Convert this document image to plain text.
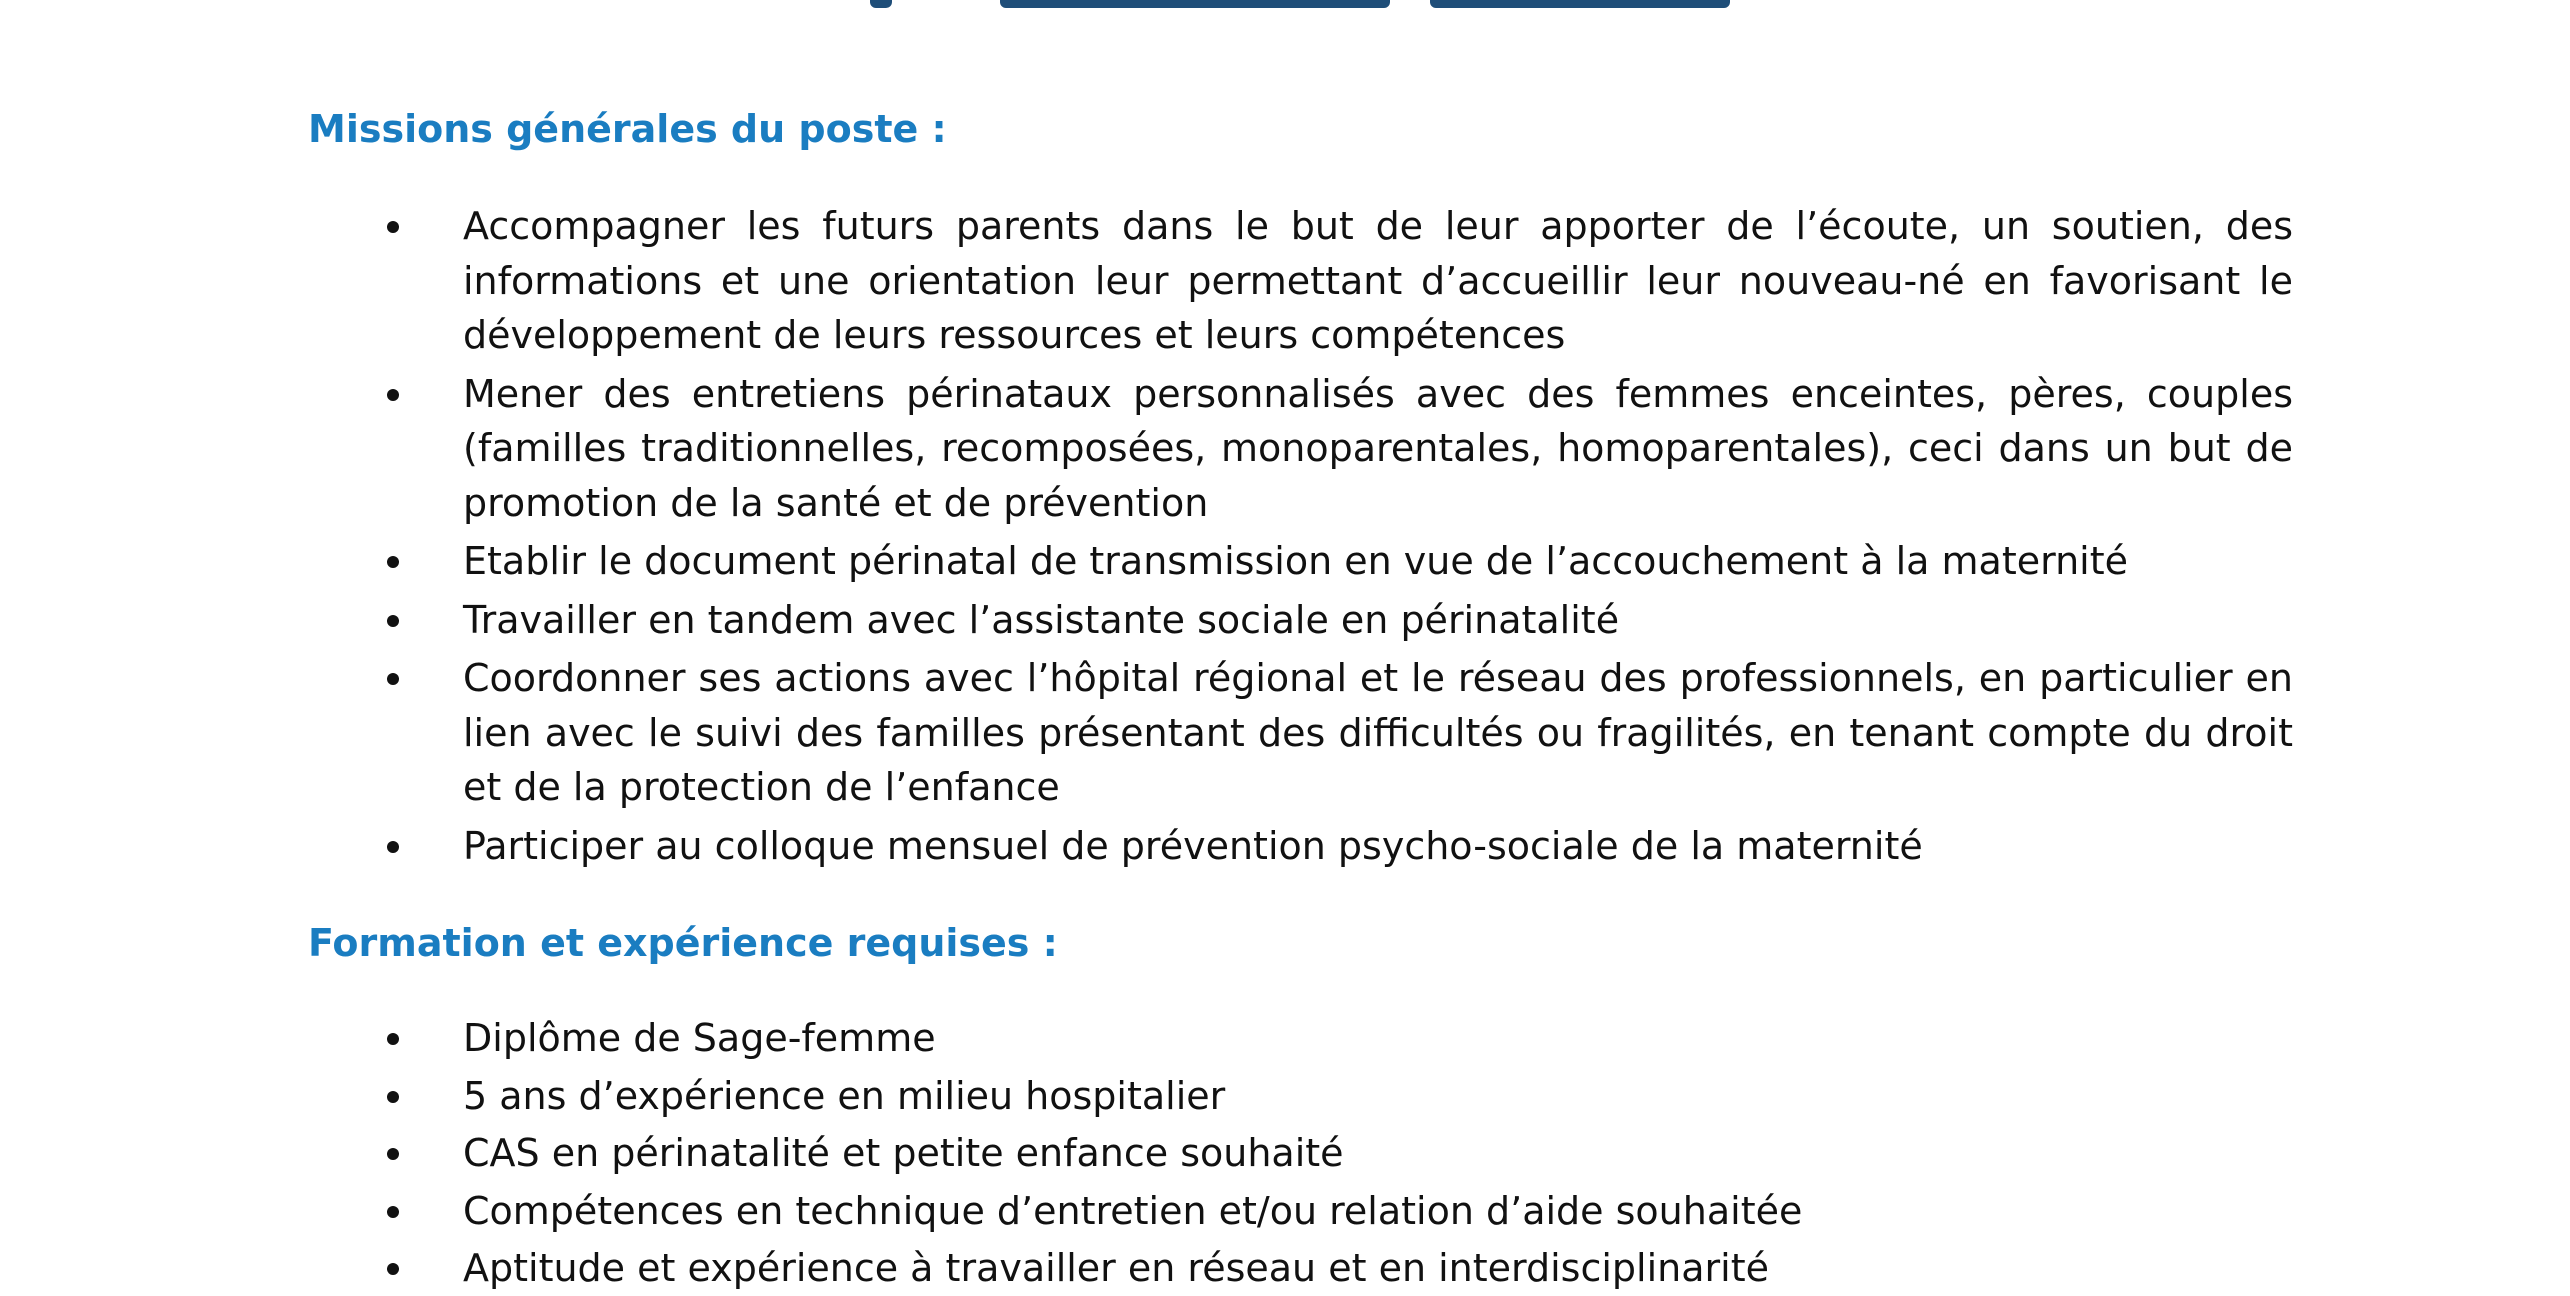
Missions générales du poste :
Accompagner les futurs parents dans le but de leur apporter de l’écoute, un soutien, des informations et une orientation leur permettant d’accueillir leur nouveau-né en favorisant le développement de leurs ressources et leurs compétences
Mener des entretiens périnataux personnalisés avec des femmes enceintes, pères, couples (familles traditionnelles, recomposées, monoparentales, homoparentales), ceci dans un but de promotion de la santé et de prévention
Etablir le document périnatal de transmission en vue de l’accouchement à la maternité
Travailler en tandem avec l’assistante sociale en périnatalité
Coordonner ses actions avec l’hôpital régional et le réseau des professionnels, en particulier en lien avec le suivi des familles présentant des difficultés ou fragilités, en tenant compte du droit et de la protection de l’enfance
Participer au colloque mensuel de prévention psycho-sociale de la maternité
Formation et expérience requises :
Diplôme de Sage-femme
5 ans d’expérience en milieu hospitalier
CAS en périnatalité et petite enfance souhaité
Compétences en technique d’entretien et/ou relation d’aide souhaitée
Aptitude et expérience à travailler en réseau et en interdisciplinarité
